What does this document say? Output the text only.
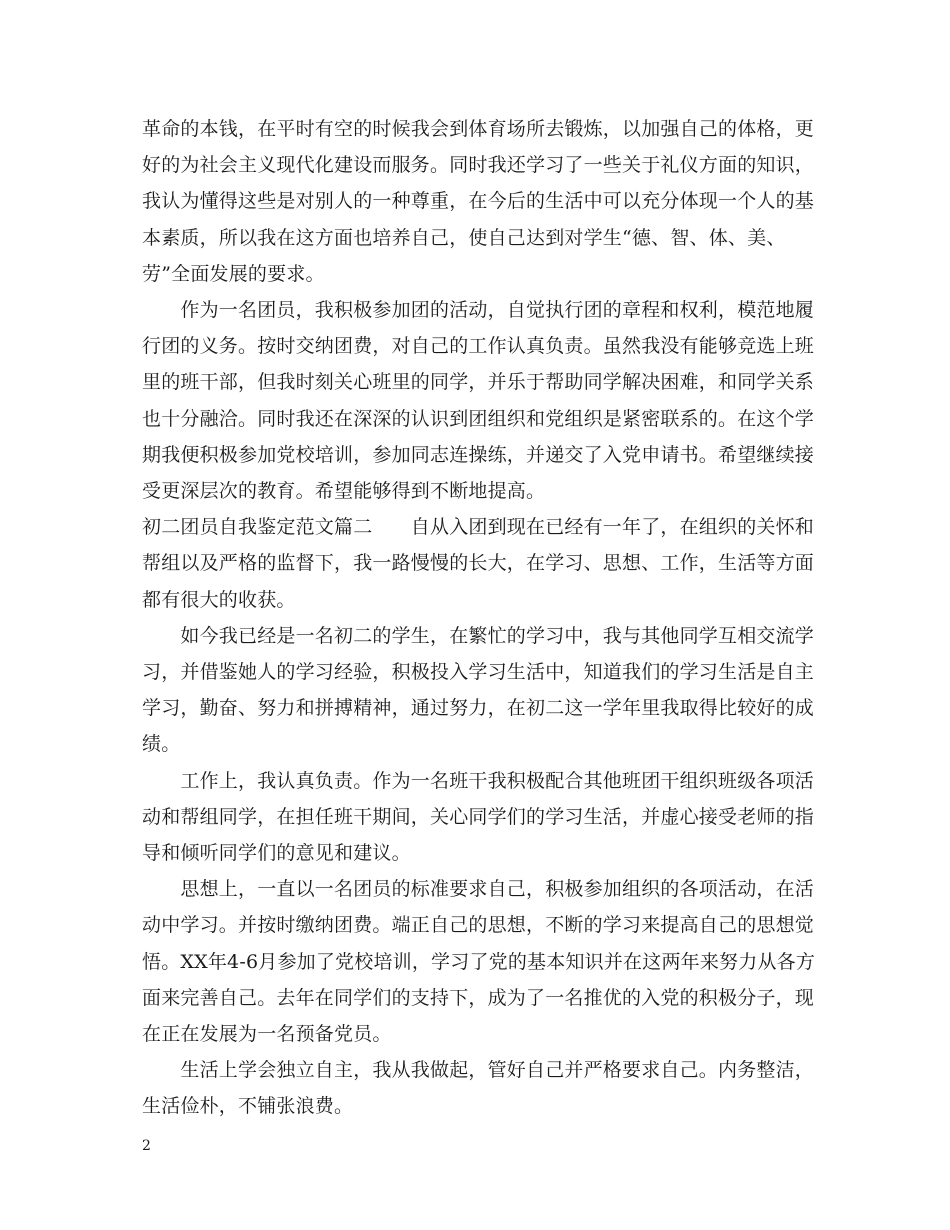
革命的本钱，在平时有空的时候我会到体育场所去锻炼，以加强自己的体格，更
好的为社会主义现代化建设而服务。同时我还学习了一些关于礼仪方面的知识，
我认为懂得这些是对别人的一种尊重，在今后的生活中可以充分体现一个人的基
本素质，所以我在这方面也培养自己，使自己达到对学生“德、智、体、美、
劳”全面发展的要求。
　　作为一名团员，我积极参加团的活动，自觉执行团的章程和权利，模范地履
行团的义务。按时交纳团费，对自己的工作认真负责。虽然我没有能够竞选上班
里的班干部，但我时刻关心班里的同学，并乐于帮助同学解决困难，和同学关系
也十分融洽。同时我还在深深的认识到团组织和党组织是紧密联系的。在这个学
期我便积极参加党校培训，参加同志连操练，并递交了入党申请书。希望继续接
受更深层次的教育。希望能够得到不断地提高。
初二团员自我鉴定范文篇二　　自从入团到现在已经有一年了，在组织的关怀和
帮组以及严格的监督下，我一路慢慢的长大，在学习、思想、工作，生活等方面
都有很大的收获。
　　如今我已经是一名初二的学生，在繁忙的学习中，我与其他同学互相交流学
习，并借鉴她人的学习经验，积极投入学习生活中，知道我们的学习生活是自主
学习，勤奋、努力和拼搏精神，通过努力，在初二这一学年里我取得比较好的成
绩。
　　工作上，我认真负责。作为一名班干我积极配合其他班团干组织班级各项活
动和帮组同学，在担任班干期间，关心同学们的学习生活，并虚心接受老师的指
导和倾听同学们的意见和建议。
　　思想上，一直以一名团员的标准要求自己，积极参加组织的各项活动，在活
动中学习。并按时缴纳团费。端正自己的思想，不断的学习来提高自己的思想觉
悟。XX年4-6月参加了党校培训，学习了党的基本知识并在这两年来努力从各方
面来完善自己。去年在同学们的支持下，成为了一名推优的入党的积极分子，现
在正在发展为一名预备党员。
　　生活上学会独立自主，我从我做起，管好自己并严格要求自己。内务整洁，
生活俭朴，不铺张浪费。
2
